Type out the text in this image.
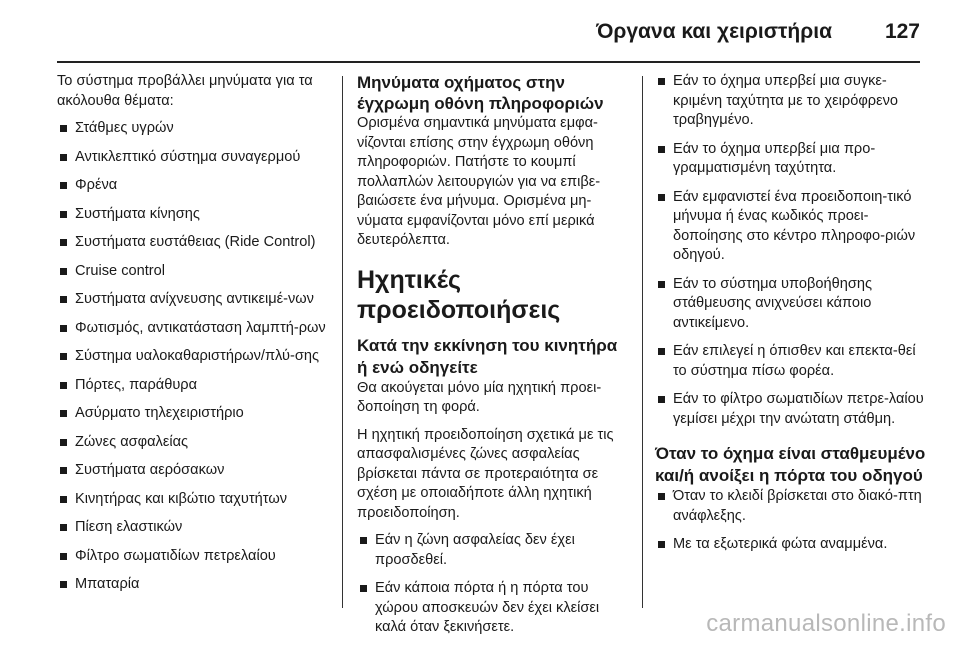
Όργανα και χειριστήρια	127

Το σύστημα προβάλλει μηνύματα για τα ακόλουθα θέματα:

Στάθμες υγρών
Αντικλεπτικό σύστημα συναγερμού
Φρένα
Συστήματα κίνησης
Συστήματα ευστάθειας (Ride Control)
Cruise control
Συστήματα ανίχνευσης αντικειμέ-νων
Φωτισμός, αντικατάσταση λαμπτή-ρων
Σύστημα υαλοκαθαριστήρων/πλύ-σης
Πόρτες, παράθυρα
Ασύρματο τηλεχειριστήριο
Ζώνες ασφαλείας
Συστήματα αερόσακων
Κινητήρας και κιβώτιο ταχυτήτων
Πίεση ελαστικών
Φίλτρο σωματιδίων πετρελαίου
Μπαταρία
Μηνύματα οχήματος στην έγχρωμη οθόνη πληροφοριών

Ορισμένα σημαντικά μηνύματα εμφα-νίζονται επίσης στην έγχρωμη οθόνη πληροφοριών. Πατήστε το κουμπί πολλαπλών λειτουργιών για να επιβε-βαιώσετε ένα μήνυμα. Ορισμένα μη-νύματα εμφανίζονται μόνο επί μερικά δευτερόλεπτα.

Ηχητικές προειδοποιήσεις
Κατά την εκκίνηση του κινητήρα ή ενώ οδηγείτε

Θα ακούγεται μόνο μία ηχητική προει-δοποίηση τη φορά.

Η ηχητική προειδοποίηση σχετικά με τις απασφαλισμένες ζώνες ασφαλείας βρίσκεται πάντα σε προτεραιότητα σε σχέση με οποιαδήποτε άλλη ηχητική προειδοποίηση.

Εάν η ζώνη ασφαλείας δεν έχει προσδεθεί.
Εάν κάποια πόρτα ή η πόρτα του χώρου αποσκευών δεν έχει κλείσει καλά όταν ξεκινήσετε.
Εάν το όχημα υπερβεί μια συγκε-κριμένη ταχύτητα με το χειρόφρενο τραβηγμένο.
Εάν το όχημα υπερβεί μια προ-γραμματισμένη ταχύτητα.
Εάν εμφανιστεί ένα προειδοποιη-τικό μήνυμα ή ένας κωδικός προει-δοποίησης στο κέντρο πληροφο-ριών οδηγού.
Εάν το σύστημα υποβοήθησης στάθμευσης ανιχνεύσει κάποιο αντικείμενο.
Εάν επιλεγεί η όπισθεν και επεκτα-θεί το σύστημα πίσω φορέα.
Εάν το φίλτρο σωματιδίων πετρε-λαίου γεμίσει μέχρι την ανώτατη στάθμη.
Όταν το όχημα είναι σταθμευμένο και/ή ανοίξει η πόρτα του οδηγού
Όταν το κλειδί βρίσκεται στο διακό-πτη ανάφλεξης.
Με τα εξωτερικά φώτα αναμμένα.
carmanualsonline.info
